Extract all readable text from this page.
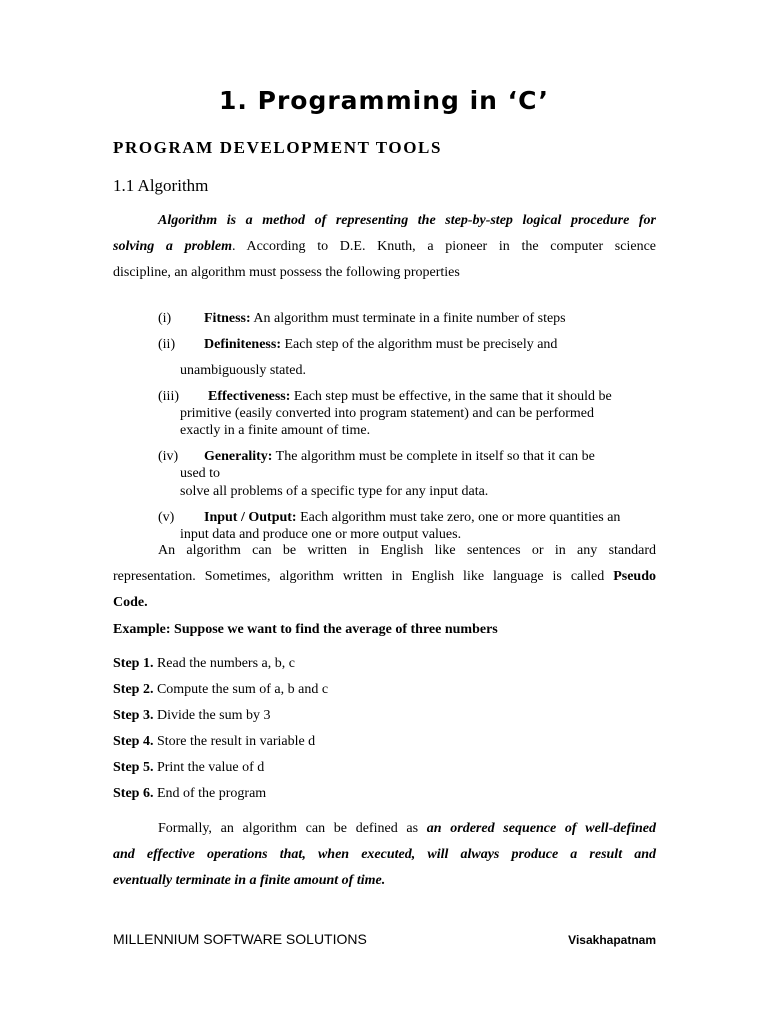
1. Programming in ‘C’
PROGRAM DEVELOPMENT TOOLS
1.1 Algorithm
Algorithm is a method of representing the step-by-step logical procedure for
solving a problem. According to D.E. Knuth, a pioneer in the computer science
discipline, an algorithm must possess the following properties
(i) Fitness: An algorithm must terminate in a finite number of steps
(ii) Definiteness: Each step of the algorithm must be precisely and
unambiguously stated.
(iii) Effectiveness: Each step must be effective, in the same that it should be
primitive (easily converted into program statement) and can be performed
exactly in a finite amount of time.
(iv) Generality: The algorithm must be complete in itself so that it can be
used to
solve all problems of a specific type for any input data.
(v) Input / Output: Each algorithm must take zero, one or more quantities an
input data and produce one or more output values.
An algorithm can be written in English like sentences or in any standard
representation. Sometimes, algorithm written in English like language is called Pseudo
Code.
Example: Suppose we want to find the average of three numbers
Step 1. Read the numbers a, b, c
Step 2. Compute the sum of a, b and c
Step 3. Divide the sum by 3
Step 4. Store the result in variable d
Step 5. Print the value of d
Step 6. End of the program
Formally, an algorithm can be defined as an ordered sequence of well-defined
and effective operations that, when executed, will always produce a result and
eventually terminate in a finite amount of time.
MILLENNIUM SOFTWARE SOLUTIONS	Visakhapatnam
